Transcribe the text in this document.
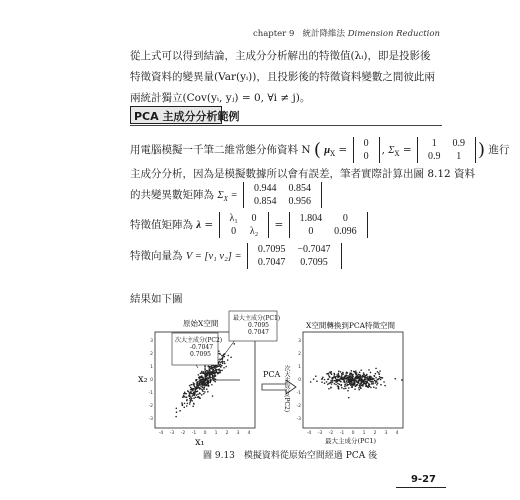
chapter 9 統計降維法 Dimension Reduction
從上式可以得到結論，主成分分析解出的特徵值(λᵢ)，即是投影後
特徵資料的變異量(Var(yᵢ))，且投影後的特徵資料變數之間彼此兩
兩統計獨立(Cov(yᵢ, yⱼ) = 0, ∀i ≠ j)。
PCA 主成分分析範例
用電腦模擬一千筆二維常態分佈資料 N ( $\mu_X$ =
0
0
, $\Sigma_X$ =
1	0.9
0.9	1 ) 進行
主成分分析，因為是模擬數據所以會有誤差，筆者實際計算出圖 8.12 資料
的共變異數矩陣為 $\Sigma_X$ =
0.944	0.854
0.854	0.956
特徵值矩陣為 λ =
λ₁	0
0	λ₂
=
1.804	0
0	0.096
特徵向量為 V = [v₁ v₂] =
0.7095	−0.7047
0.7047	0.7095
結果如下圖
-4 -3 -2 -1 0 1 2 3 4
3
2
1
0
-1
-2
-3
-4 -3 -2 -1 0 1 2 3 4
3
2
1
0
-1
-2
-3
原始X空間
最大主成分(PC1)
0.7095
0.7047
次大主成分(PC2)
-0.7047
0.7095
x₂
x₁
PCA
X空間轉換到PCA特徵空間
次大主成分(PC2)
最大主成分(PC1)
圖 9.13　模擬資料從原始空間經過 PCA 後
9-27
